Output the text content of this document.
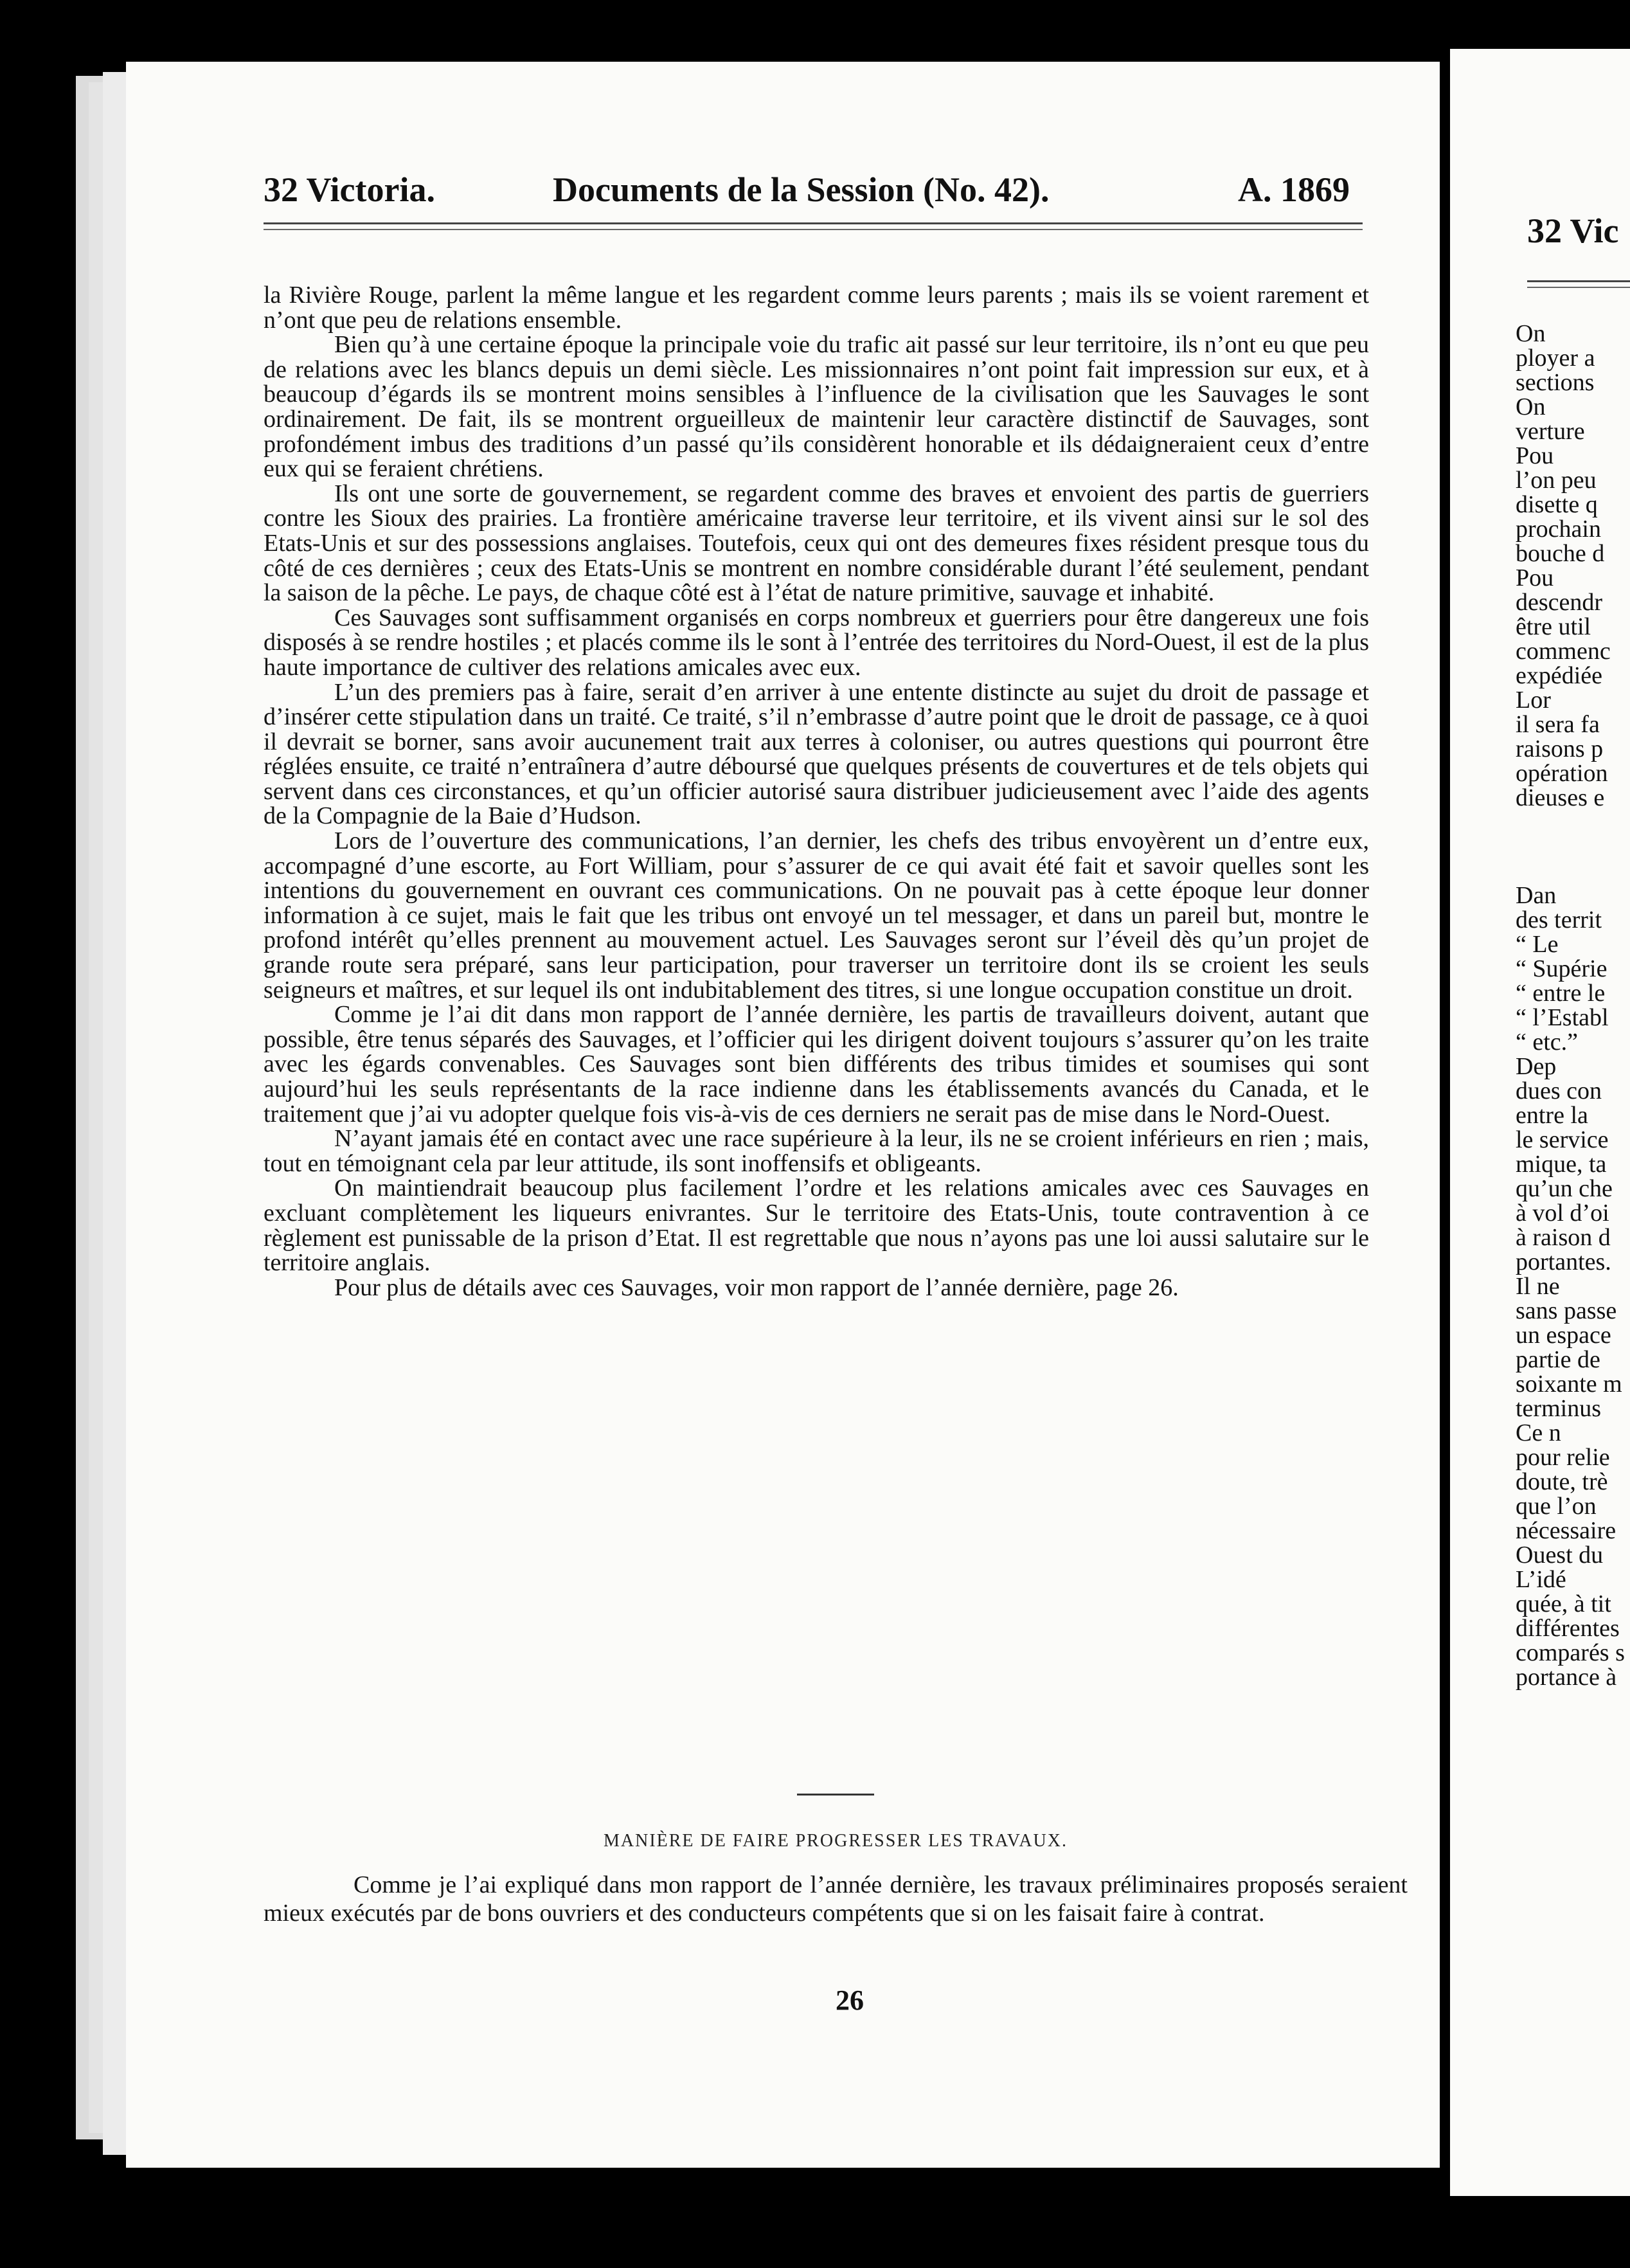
32 Victoria.	Documents de la Session (No. 42).	A. 1869

la Rivière Rouge, parlent la même langue et les regardent comme leurs parents ; mais ils se voient rarement et n’ont que peu de relations ensemble.

Bien qu’à une certaine époque la principale voie du trafic ait passé sur leur territoire, ils n’ont eu que peu de relations avec les blancs depuis un demi siècle. Les missionnaires n’ont point fait impression sur eux, et à beaucoup d’égards ils se montrent moins sensibles à l’influence de la civilisation que les Sauvages le sont ordinairement. De fait, ils se montrent orgueilleux de maintenir leur caractère distinctif de Sauvages, sont profondément imbus des traditions d’un passé qu’ils considèrent honorable et ils dédaigneraient ceux d’entre eux qui se feraient chrétiens.

Ils ont une sorte de gouvernement, se regardent comme des braves et envoient des partis de guerriers contre les Sioux des prairies. La frontière américaine traverse leur territoire, et ils vivent ainsi sur le sol des Etats-Unis et sur des possessions anglaises. Toutefois, ceux qui ont des demeures fixes résident presque tous du côté de ces dernières ; ceux des Etats-Unis se montrent en nombre considérable durant l’été seulement, pendant la saison de la pêche. Le pays, de chaque côté est à l’état de nature primitive, sauvage et inhabité.

Ces Sauvages sont suffisamment organisés en corps nombreux et guerriers pour être dangereux une fois disposés à se rendre hostiles ; et placés comme ils le sont à l’entrée des territoires du Nord-Ouest, il est de la plus haute importance de cultiver des relations amicales avec eux.

L’un des premiers pas à faire, serait d’en arriver à une entente distincte au sujet du droit de passage et d’insérer cette stipulation dans un traité. Ce traité, s’il n’embrasse d’autre point que le droit de passage, ce à quoi il devrait se borner, sans avoir aucunement trait aux terres à coloniser, ou autres questions qui pourront être réglées ensuite, ce traité n’entraînera d’autre déboursé que quelques présents de couvertures et de tels objets qui servent dans ces circonstances, et qu’un officier autorisé saura distribuer judicieusement avec l’aide des agents de la Compagnie de la Baie d’Hudson.

Lors de l’ouverture des communications, l’an dernier, les chefs des tribus envoyèrent un d’entre eux, accompagné d’une escorte, au Fort William, pour s’assurer de ce qui avait été fait et savoir quelles sont les intentions du gouvernement en ouvrant ces communications. On ne pouvait pas à cette époque leur donner information à ce sujet, mais le fait que les tribus ont envoyé un tel messager, et dans un pareil but, montre le profond intérêt qu’elles prennent au mouvement actuel. Les Sauvages seront sur l’éveil dès qu’un projet de grande route sera préparé, sans leur participation, pour traverser un territoire dont ils se croient les seuls seigneurs et maîtres, et sur lequel ils ont indubitablement des titres, si une longue occupation constitue un droit.

Comme je l’ai dit dans mon rapport de l’année dernière, les partis de travailleurs doivent, autant que possible, être tenus séparés des Sauvages, et l’officier qui les dirigent doivent toujours s’assurer qu’on les traite avec les égards convenables. Ces Sauvages sont bien différents des tribus timides et soumises qui sont aujourd’hui les seuls représentants de la race indienne dans les établissements avancés du Canada, et le traitement que j’ai vu adopter quelque fois vis-à-vis de ces derniers ne serait pas de mise dans le Nord-Ouest.

N’ayant jamais été en contact avec une race supérieure à la leur, ils ne se croient inférieurs en rien ; mais, tout en témoignant cela par leur attitude, ils sont inoffensifs et obligeants.

On maintiendrait beaucoup plus facilement l’ordre et les relations amicales avec ces Sauvages en excluant complètement les liqueurs enivrantes. Sur le territoire des Etats-Unis, toute contravention à ce règlement est punissable de la prison d’Etat. Il est regrettable que nous n’ayons pas une loi aussi salutaire sur le territoire anglais.

Pour plus de détails avec ces Sauvages, voir mon rapport de l’année dernière, page 26.

MANIÈRE DE FAIRE PROGRESSER LES TRAVAUX.

Comme je l’ai expliqué dans mon rapport de l’année dernière, les travaux préliminaires proposés seraient mieux exécutés par de bons ouvriers et des conducteurs compétents que si on les faisait faire à contrat.

26
32 Vic
On
ployer a
sections
On
verture
Pou
l’on peu
disette q
prochain
bouche d
Pou
descendr
être util
commenc
expédiée
Lor
il sera fa
raisons p
opération
dieuses e
Dan
des territ
“ Le
“ Supérie
“ entre le
“ l’Establ
“ etc.”
Dep
dues con
entre la
le service
mique, ta
qu’un che
à vol d’oi
à raison d
portantes.
Il ne
sans passe
un espace
partie de
soixante m
terminus
Ce n
pour relie
doute, trè
que l’on
nécessaire
Ouest du
L’idé
quée, à tit
différentes
comparés s
portance à
